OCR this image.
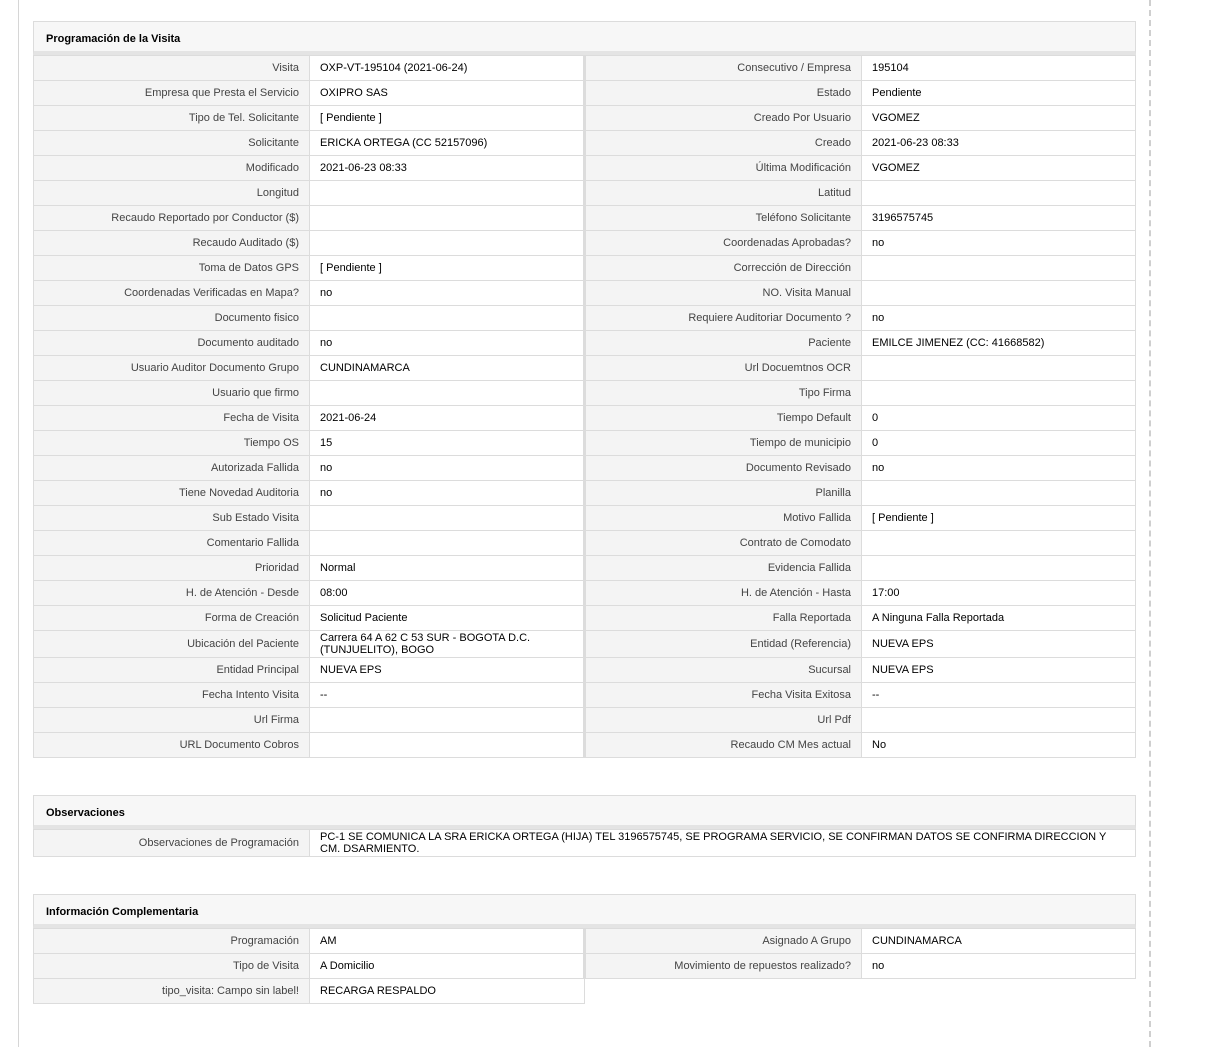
Programación de la Visita
Visita	OXP-VT-195104 (2021-06-24)		Consecutivo / Empresa	195104
Empresa que Presta el Servicio	OXIPRO SAS		Estado	Pendiente
Tipo de Tel. Solicitante	[ Pendiente ]		Creado Por Usuario	VGOMEZ
Solicitante	ERICKA ORTEGA (CC 52157096)		Creado	2021-06-23 08:33
Modificado	2021-06-23 08:33		Última Modificación	VGOMEZ
Longitud			Latitud	
Recaudo Reportado por Conductor ($)			Teléfono Solicitante	3196575745
Recaudo Auditado ($)			Coordenadas Aprobadas?	no
Toma de Datos GPS	[ Pendiente ]		Corrección de Dirección	
Coordenadas Verificadas en Mapa?	no		NO. Visita Manual	
Documento fisico			Requiere Auditoriar Documento ?	no
Documento auditado	no		Paciente	EMILCE JIMENEZ (CC: 41668582)
Usuario Auditor Documento Grupo	CUNDINAMARCA		Url Docuemtnos OCR	
Usuario que firmo			Tipo Firma	
Fecha de Visita	2021-06-24		Tiempo Default	0
Tiempo OS	15		Tiempo de municipio	0
Autorizada Fallida	no		Documento Revisado	no
Tiene Novedad Auditoria	no		Planilla	
Sub Estado Visita			Motivo Fallida	[ Pendiente ]
Comentario Fallida			Contrato de Comodato	
Prioridad	Normal		Evidencia Fallida	
H. de Atención - Desde	08:00		H. de Atención - Hasta	17:00
Forma de Creación	Solicitud Paciente		Falla Reportada	A Ninguna Falla Reportada
Ubicación del Paciente	Carrera 64 A 62 C 53 SUR - BOGOTA D.C. (TUNJUELITO), BOGO		Entidad (Referencia)	NUEVA EPS
Entidad Principal	NUEVA EPS		Sucursal	NUEVA EPS
Fecha Intento Visita	--		Fecha Visita Exitosa	--
Url Firma			Url Pdf	
URL Documento Cobros			Recaudo CM Mes actual	No
Observaciones
Observaciones de Programación	PC-1 SE COMUNICA LA SRA ERICKA ORTEGA (HIJA) TEL 3196575745, SE PROGRAMA SERVICIO, SE CONFIRMAN DATOS SE CONFIRMA DIRECCION Y CM. DSARMIENTO.
Información Complementaria
Programación	AM		Asignado A Grupo	CUNDINAMARCA
Tipo de Visita	A Domicilio		Movimiento de repuestos realizado?	no
tipo_visita: Campo sin label!	RECARGA RESPALDO		
